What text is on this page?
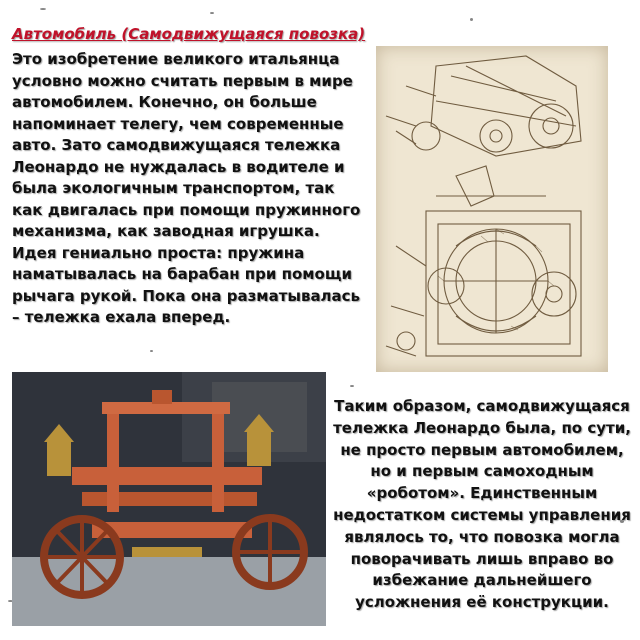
Автомобиль (Самодвижущаяся повозка)
Это изобретение великого итальянца условно можно считать первым в мире автомобилем. Конечно, он больше напоминает телегу, чем современные авто. Зато самодвижущаяся тележка Леонардо не нуждалась в водителе и была экологичным транспортом, так как двигалась при помощи пружинного механизма, как заводная игрушка. Идея гениально проста: пружина наматывалась на барабан при помощи рычага рукой. Пока она разматывалась – тележка ехала вперед.
Таким образом, самодвижущаяся тележка Леонардо была, по сути, не просто первым автомобилем, но и первым самоходным «роботом». Единственным недостатком системы управления являлось то, что повозка могла поворачивать лишь вправо во избежание дальнейшего усложнения её конструкции.
